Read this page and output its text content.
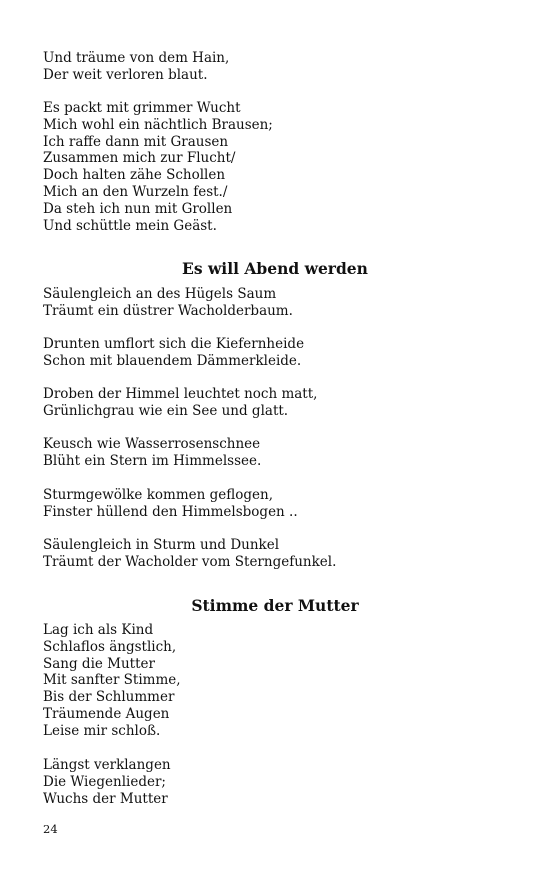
Und träume von dem Hain,
Der weit verloren blaut.
Es packt mit grimmer Wucht
Mich wohl ein nächtlich Brausen;
Ich raffe dann mit Grausen
Zusammen mich zur Flucht/
Doch halten zähe Schollen
Mich an den Wurzeln fest./
Da steh ich nun mit Grollen
Und schüttle mein Geäst.
Es will Abend werden
Säulengleich an des Hügels Saum
Träumt ein düstrer Wacholderbaum.
Drunten umflort sich die Kiefernheide
Schon mit blauendem Dämmerkleide.
Droben der Himmel leuchtet noch matt,
Grünlichgrau wie ein See und glatt.
Keusch wie Wasserrosenschnee
Blüht ein Stern im Himmelssee.
Sturmgewölke kommen geflogen,
Finster hüllend den Himmelsbogen ..
Säulengleich in Sturm und Dunkel
Träumt der Wacholder vom Sterngefunkel.
Stimme der Mutter
Lag ich als Kind
Schlaflos ängstlich,
Sang die Mutter
Mit sanfter Stimme,
Bis der Schlummer
Träumende Augen
Leise mir schloß.
Längst verklangen
Die Wiegenlieder;
Wuchs der Mutter
24
